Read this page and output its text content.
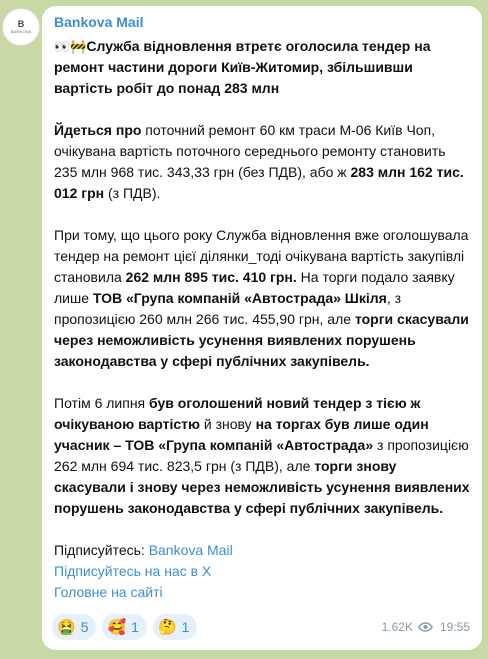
B
BANKOVA
Bankova Mail

👀🚧Служба відновлення втретє оголосила тендер на ремонт частини дороги Київ-Житомир, збільшивши вартість робіт до понад 283 млн

Йдеться про поточний ремонт 60 км траси М-06 Київ Чоп, очікувана вартість поточного середнього ремонту становить 235 млн 968 тис. 343,33 грн (без ПДВ), або ж 283 млн 162 тис. 012 грн (з ПДВ).

При тому, що цього року Служба відновлення вже оголошувала тендер на ремонт цієї ділянки ̲ тоді очікувана вартість закупівлі становила 262 млн 895 тис. 410 грн. На торги подало заявку лише ТОВ «Група компаній «Автострада» Шкіля, з пропозицією 260 млн 266 тис. 455,90 грн, але торги скасували через неможливість усунення виявлених порушень законодавства у сфері публічних закупівель.

Потім 6 липня був оголошений новий тендер з тією ж очікуваною вартістю й знову на торгах був лише один учасник – ТОВ «Група компаній «Автострада» з пропозицією 262 млн 694 тис. 823,5 грн (з ПДВ), але торги знову скасували і знову через неможливість усунення виявлених порушень законодавства у сфері публічних закупівель.

Підписуйтесь: Bankova Mail
Підписуйтесь на нас в Х
Головне на сайті

🤮 5 🥰 1 🤔 1	1.62K 19:55
